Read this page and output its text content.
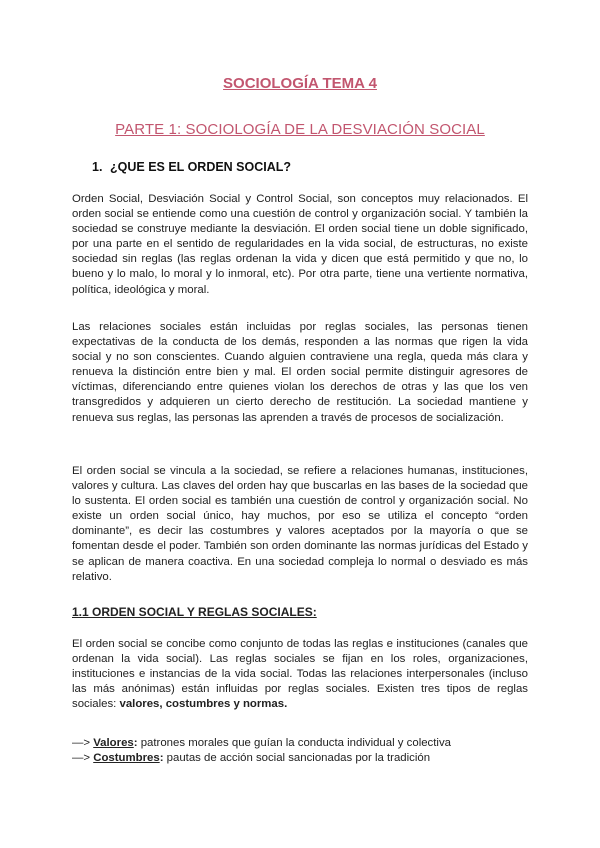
SOCIOLOGÍA TEMA 4
PARTE 1: SOCIOLOGÍA DE LA DESVIACIÓN SOCIAL
1. ¿QUE ES EL ORDEN SOCIAL?

Orden Social, Desviación Social y Control Social, son conceptos muy relacionados. El orden social se entiende como una cuestión de control y organización social. Y también la sociedad se construye mediante la desviación. El orden social tiene un doble significado, por una parte en el sentido de regularidades en la vida social, de estructuras, no existe sociedad sin reglas (las reglas ordenan la vida y dicen que está permitido y que no, lo bueno y lo malo, lo moral y lo inmoral, etc). Por otra parte, tiene una vertiente normativa, política, ideológica y moral.

Las relaciones sociales están incluidas por reglas sociales, las personas tienen expectativas de la conducta de los demás, responden a las normas que rigen la vida social y no son conscientes. Cuando alguien contraviene una regla, queda más clara y renueva la distinción entre bien y mal. El orden social permite distinguir agresores de víctimas, diferenciando entre quienes violan los derechos de otras y las que los ven transgredidos y adquieren un cierto derecho de restitución. La sociedad mantiene y renueva sus reglas, las personas las aprenden a través de procesos de socialización.

El orden social se vincula a la sociedad, se refiere a relaciones humanas, instituciones, valores y cultura. Las claves del orden hay que buscarlas en las bases de la sociedad que lo sustenta. El orden social es también una cuestión de control y organización social. No existe un orden social único, hay muchos, por eso se utiliza el concepto “orden dominante”, es decir las costumbres y valores aceptados por la mayoría o que se fomentan desde el poder. También son orden dominante las normas jurídicas del Estado y se aplican de manera coactiva. En una sociedad compleja lo normal o desviado es más relativo.

1.1 ORDEN SOCIAL Y REGLAS SOCIALES:

El orden social se concibe como conjunto de todas las reglas e instituciones (canales que ordenan la vida social). Las reglas sociales se fijan en los roles, organizaciones, instituciones e instancias de la vida social. Todas las relaciones interpersonales (incluso las más anónimas) están influidas por reglas sociales. Existen tres tipos de reglas sociales: valores, costumbres y normas.

—> Valores: patrones morales que guían la conducta individual y colectiva
—> Costumbres: pautas de acción social sancionadas por la tradición
